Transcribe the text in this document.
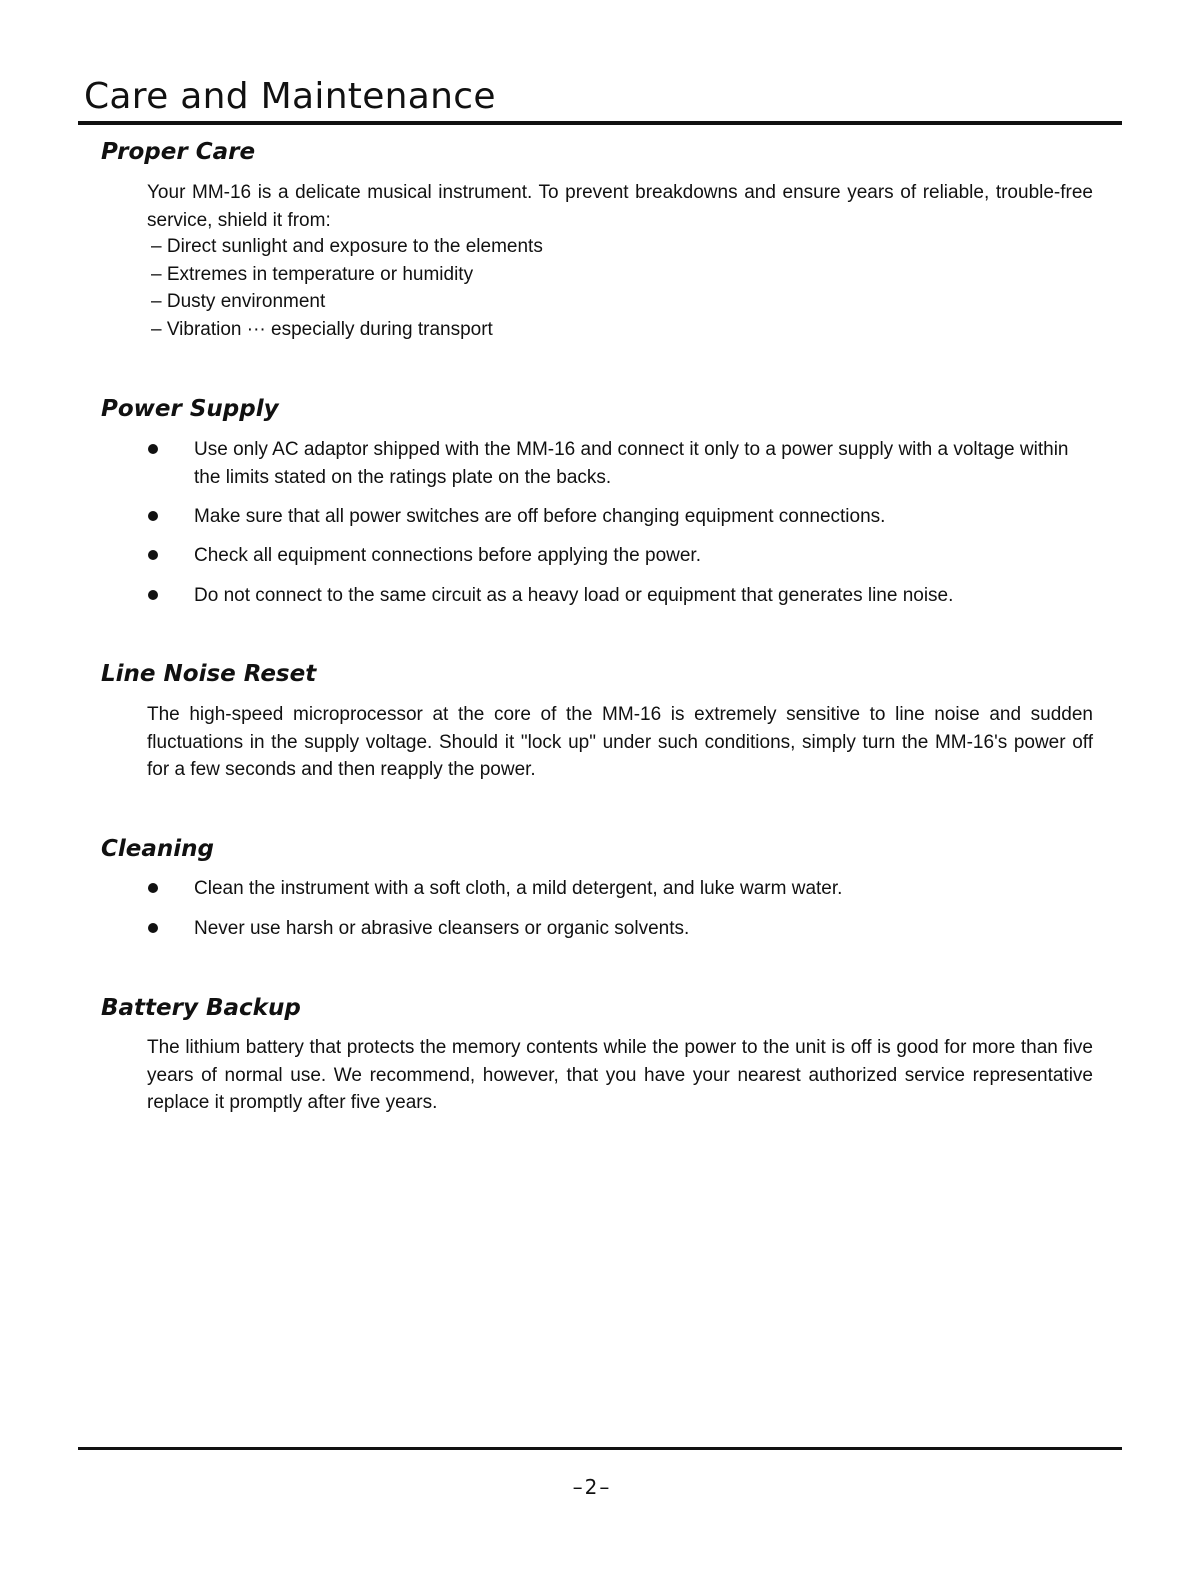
Care and Maintenance
Proper Care

Your MM-16 is a delicate musical instrument. To prevent breakdowns and ensure years of reliable, trouble-free service, shield it from:

– Direct sunlight and exposure to the elements
– Extremes in temperature or humidity
– Dusty environment
– Vibration ··· especially during transport
Power Supply

Use only AC adaptor shipped with the MM-16 and connect it only to a power supply with a voltage within the limits stated on the ratings plate on the backs.

Make sure that all power switches are off before changing equipment connections.

Check all equipment connections before applying the power.

Do not connect to the same circuit as a heavy load or equipment that generates line noise.

Line Noise Reset

The high-speed microprocessor at the core of the MM-16 is extremely sensitive to line noise and sudden fluctuations in the supply voltage. Should it "lock up" under such conditions, simply turn the MM-16's power off for a few seconds and then reapply the power.

Cleaning

Clean the instrument with a soft cloth, a mild detergent, and luke warm water.

Never use harsh or abrasive cleansers or organic solvents.

Battery Backup

The lithium battery that protects the memory contents while the power to the unit is off is good for more than five years of normal use. We recommend, however, that you have your nearest authorized service representative replace it promptly after five years.

–2–
